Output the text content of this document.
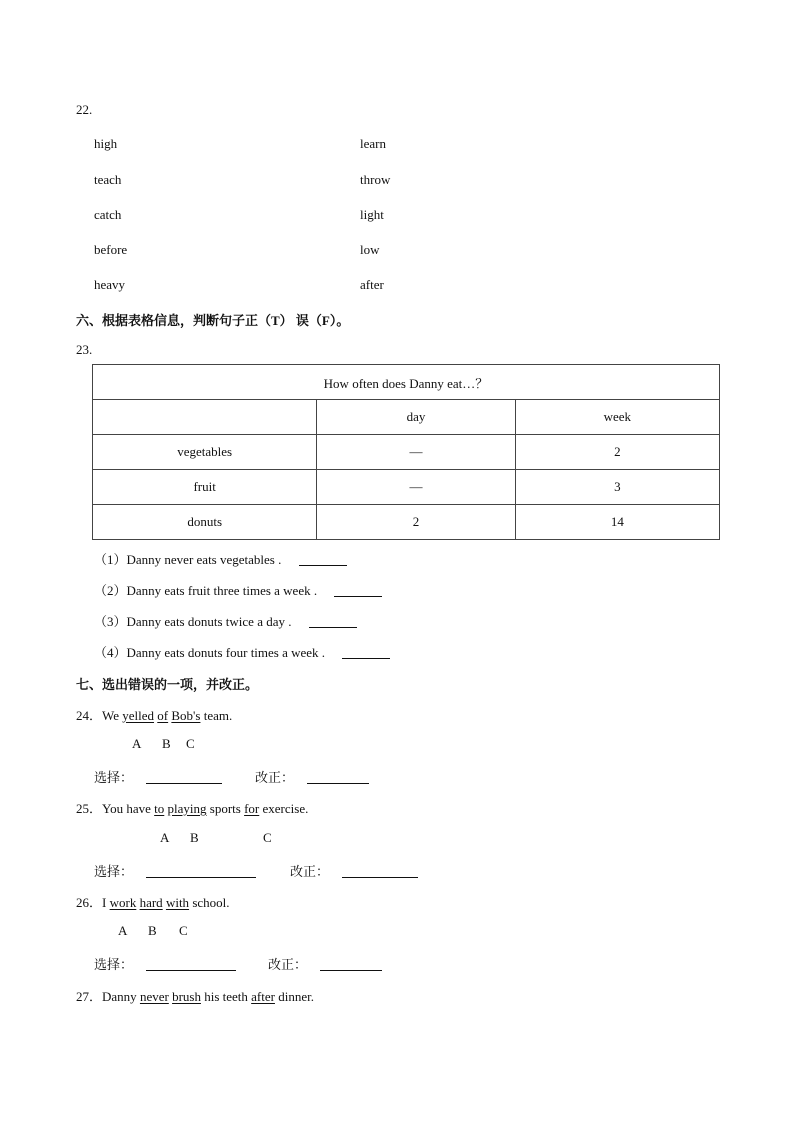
22.
high	learn
teach	throw
catch	light
before	low
heavy	after
六、根据表格信息，判断句子正（T） 误（F）。
23.
How often does Danny eat…？		
	day	week
vegetables	—	2
fruit	—	3
donuts	2	14
（1）Danny never eats vegetables .
（2）Danny eats fruit three times a week .
（3）Danny eats donuts twice a day .
（4）Danny eats donuts four times a week .
七、选出错误的一项，并改正。
24．We yelled of Bob's team.
A B C
选择：	改正：
25．You have to playing sports for exercise.
A B	C
选择：	改正：
26．I work hard with school.
A B C
选择：	改正：
27．Danny never brush his teeth after dinner.
